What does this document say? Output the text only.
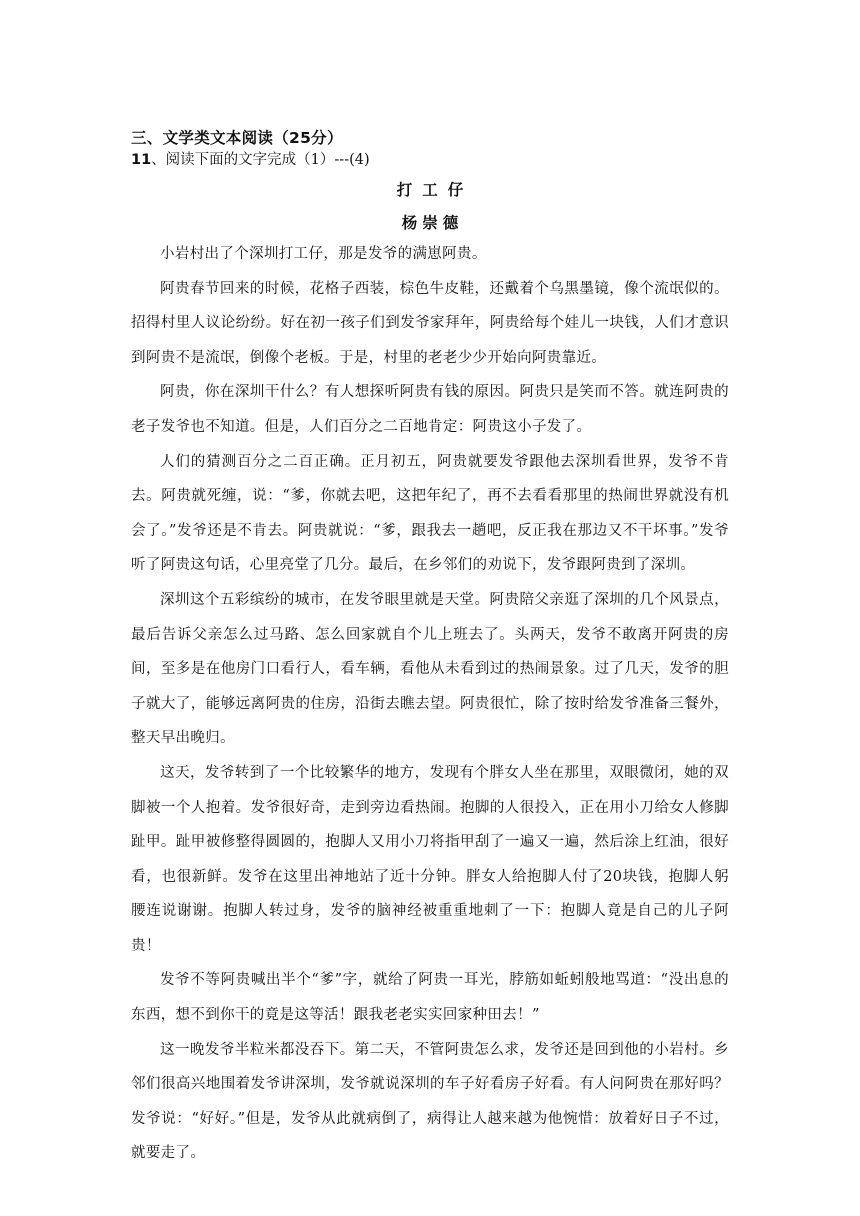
三、文学类文本阅读（25分）

11、阅读下面的文字完成（1）---(4)

打工仔
杨崇德

小岩村出了个深圳打工仔，那是发爷的满崽阿贵。

阿贵春节回来的时候，花格子西装，棕色牛皮鞋，还戴着个乌黑墨镜，像个流氓似的。招得村里人议论纷纷。好在初一孩子们到发爷家拜年，阿贵给每个娃儿一块钱，人们才意识到阿贵不是流氓，倒像个老板。于是，村里的老老少少开始向阿贵靠近。

阿贵，你在深圳干什么？有人想探听阿贵有钱的原因。阿贵只是笑而不答。就连阿贵的老子发爷也不知道。但是，人们百分之二百地肯定：阿贵这小子发了。

人们的猜测百分之二百正确。正月初五，阿贵就要发爷跟他去深圳看世界，发爷不肯去。阿贵就死缠，说：“爹，你就去吧，这把年纪了，再不去看看那里的热闹世界就没有机会了。”发爷还是不肯去。阿贵就说：“爹，跟我去一趟吧，反正我在那边又不干坏事。”发爷听了阿贵这句话，心里亮堂了几分。最后，在乡邻们的劝说下，发爷跟阿贵到了深圳。

深圳这个五彩缤纷的城市，在发爷眼里就是天堂。阿贵陪父亲逛了深圳的几个风景点，最后告诉父亲怎么过马路、怎么回家就自个儿上班去了。头两天，发爷不敢离开阿贵的房间，至多是在他房门口看行人，看车辆，看他从未看到过的热闹景象。过了几天，发爷的胆子就大了，能够远离阿贵的住房，沿街去瞧去望。阿贵很忙，除了按时给发爷准备三餐外，整天早出晚归。

这天，发爷转到了一个比较繁华的地方，发现有个胖女人坐在那里，双眼微闭，她的双脚被一个人抱着。发爷很好奇，走到旁边看热闹。抱脚的人很投入，正在用小刀给女人修脚趾甲。趾甲被修整得圆圆的，抱脚人又用小刀将指甲刮了一遍又一遍，然后涂上红油，很好看，也很新鲜。发爷在这里出神地站了近十分钟。胖女人给抱脚人付了20块钱，抱脚人躬腰连说谢谢。抱脚人转过身，发爷的脑神经被重重地刺了一下：抱脚人竟是自己的儿子阿贵！

发爷不等阿贵喊出半个“爹”字，就给了阿贵一耳光，脖筋如蚯蚓般地骂道：“没出息的东西，想不到你干的竟是这等活！跟我老老实实回家种田去！”

这一晚发爷半粒米都没吞下。第二天，不管阿贵怎么求，发爷还是回到他的小岩村。乡邻们很高兴地围着发爷讲深圳，发爷就说深圳的车子好看房子好看。有人问阿贵在那好吗？发爷说：“好好。”但是，发爷从此就病倒了，病得让人越来越为他惋惜：放着好日子不过，就要走了。
